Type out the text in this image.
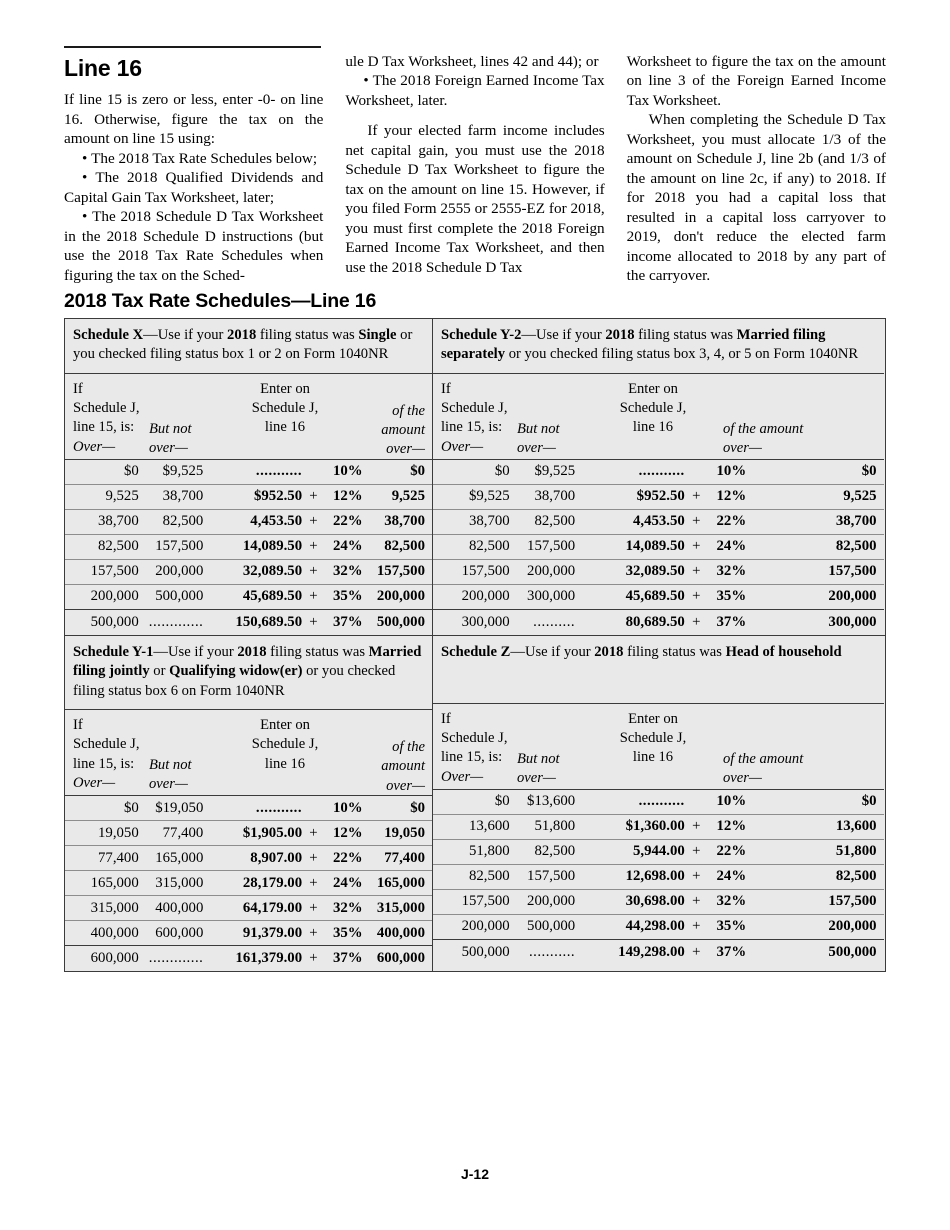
Line 16

If line 15 is zero or less, enter -0- on line 16. Otherwise, figure the tax on the amount on line 15 using:

• The 2018 Tax Rate Schedules below;

• The 2018 Qualified Dividends and Capital Gain Tax Worksheet, later;

• The 2018 Schedule D Tax Worksheet in the 2018 Schedule D instructions (but use the 2018 Tax Rate Schedules when figuring the tax on the Sched-

ule D Tax Worksheet, lines 42 and 44); or

• The 2018 Foreign Earned Income Tax Worksheet, later.

If your elected farm income includes net capital gain, you must use the 2018 Schedule D Tax Worksheet to figure the tax on the amount on line 15. However, if you filed Form 2555 or 2555-EZ for 2018, you must first complete the 2018 Foreign Earned Income Tax Worksheet, and then use the 2018 Schedule D Tax

Worksheet to figure the tax on the amount on line 3 of the Foreign Earned Income Tax Worksheet.

When completing the Schedule D Tax Worksheet, you must allocate 1/3 of the amount on Schedule J, line 2b (and 1/3 of the amount on line 2c, if any) to 2018. If for 2018 you had a capital loss that resulted in a capital loss carryover to 2019, don't reduce the elected farm income allocated to 2018 by any part of the carryover.

2018 Tax Rate Schedules—Line 16
Schedule X—Use if your 2018 filing status was Single or you checked filing status box 1 or 2 on Form 1040NR
If
Schedule J,
line 15, is:
Over—
But not
over—
Enter on
Schedule J,
line 16
of the
amount
over—
$0	$9,525	...........	10%	$0
9,525	38,700	$952.50 +	12%	9,525
38,700	82,500	4,453.50 +	22%	38,700
82,500	157,500	14,089.50 +	24%	82,500
157,500	200,000	32,089.50 +	32% 157,500
200,000	500,000	45,689.50 +	35% 200,000
500,000 .............	150,689.50 +	37% 500,000
Schedule Y-2—Use if your 2018 filing status was Married filing separately or you checked filing status box 3, 4, or 5 on Form 1040NR
If
Schedule J,
line 15, is:
Over—
But not
over—
Enter on
Schedule J,
line 16	of the amount
over—
$0	$9,525	...........	10%	$0
$9,525	38,700	$952.50 +	12%	9,525
38,700	82,500	4,453.50 +	22%	38,700
82,500	157,500	14,089.50 +	24%	82,500
157,500	200,000	32,089.50 +	32%	157,500
200,000	300,000	45,689.50 +	35%	200,000
300,000	..........	80,689.50 +	37%	300,000
Schedule Y-1—Use if your 2018 filing status was Married filing jointly or Qualifying widow(er) or you checked filing status box 6 on Form 1040NR
If
Schedule J,
line 15, is:
Over—
But not
over—
Enter on
Schedule J,
line 16
of the
amount
over—
$0	$19,050	...........	10%	$0
19,050	77,400	$1,905.00 +	12%	19,050
77,400	165,000	8,907.00 +	22%	77,400
165,000	315,000	28,179.00 +	24% 165,000
315,000	400,000	64,179.00 +	32% 315,000
400,000	600,000	91,379.00 +	35% 400,000
600,000 .............	161,379.00 +	37% 600,000
Schedule Z—Use if your 2018 filing status was Head of household
If
Schedule J,
line 15, is:
Over—
But not
over—
Enter on
Schedule J,
line 16	of the amount
over—
$0	$13,600	...........	10%	$0
13,600	51,800	$1,360.00 +	12%	13,600
51,800	82,500	5,944.00 +	22%	51,800
82,500	157,500	12,698.00 +	24%	82,500
157,500	200,000	30,698.00 +	32%	157,500
200,000	500,000	44,298.00 +	35%	200,000
500,000	...........	149,298.00 +	37%	500,000
J-12
